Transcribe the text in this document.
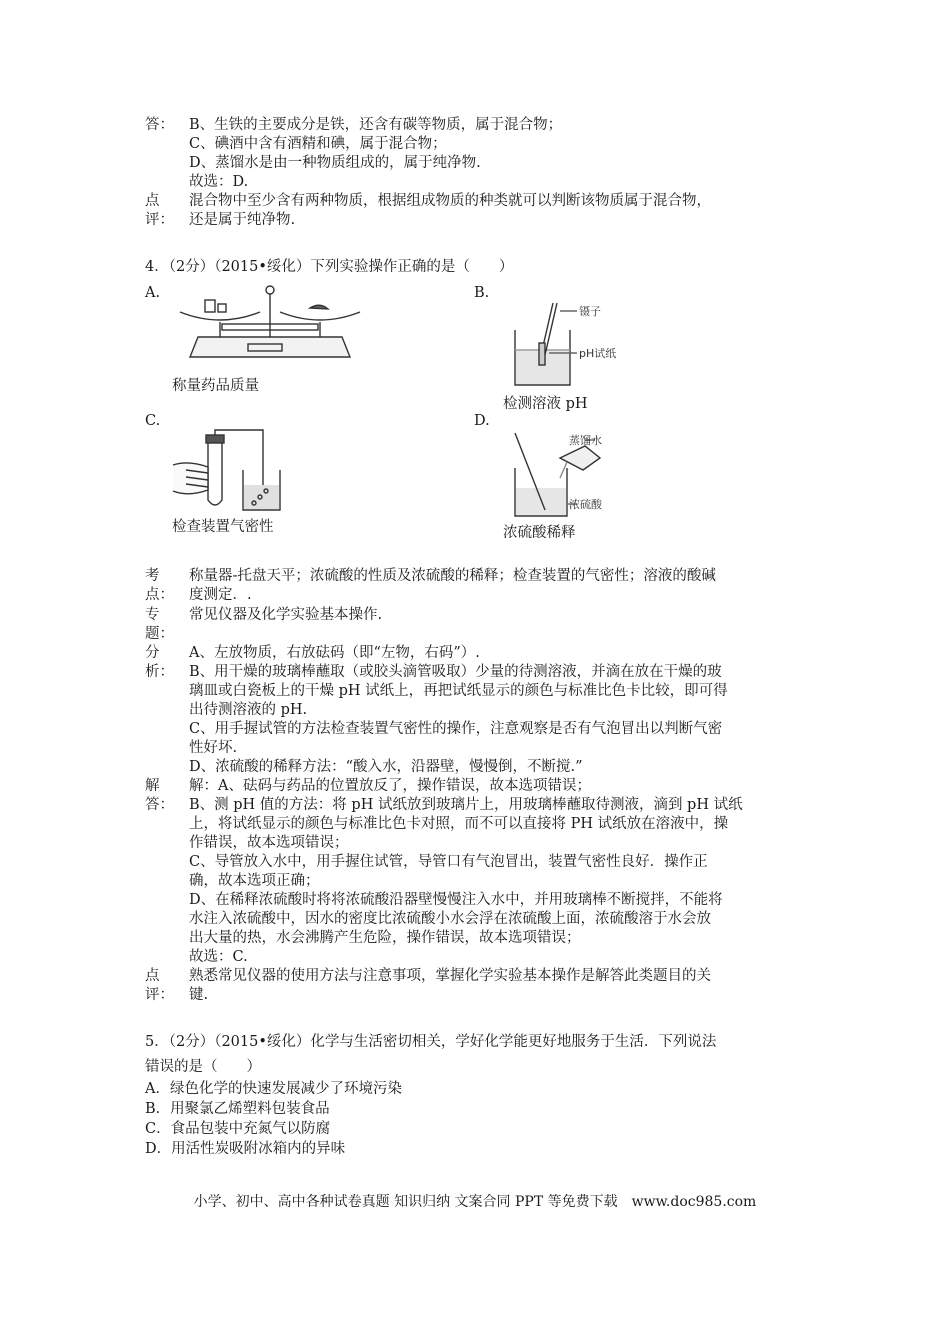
答：	B、生铁的主要成分是铁，还含有碳等物质，属于混合物；
C、碘酒中含有酒精和碘，属于混合物；
D、蒸馏水是由一种物质组成的，属于纯净物.
故选：D.
点
评：
混合物中至少含有两种物质，根据组成物质的种类就可以判断该物质属于混合物，
还是属于纯净物.
4．（2分）（2015•绥化）下列实验操作正确的是（　　）
A.
称量药品质量
B.
镊子
pH试纸
检测溶液 pH
C.
检查装置气密性
D.
蒸馏水
浓硫酸
浓硫酸稀释
考
点：
称量器-托盘天平；浓硫酸的性质及浓硫酸的稀释；检查装置的气密性；溶液的酸碱
度测定．.
专
题：
常见仪器及化学实验基本操作.
分
析：
A、左放物质，右放砝码（即“左物，右码”）.
B、用干燥的玻璃棒蘸取（或胶头滴管吸取）少量的待测溶液，并滴在放在干燥的玻
璃皿或白瓷板上的干燥 pH 试纸上，再把试纸显示的颜色与标准比色卡比较，即可得
出待测溶液的 pH.
C、用手握试管的方法检查装置气密性的操作，注意观察是否有气泡冒出以判断气密
性好坏.
D、浓硫酸的稀释方法：“酸入水，沿器壁，慢慢倒，不断搅.”
解
答：
解：A、砝码与药品的位置放反了，操作错误，故本选项错误；
B、测 pH 值的方法：将 pH 试纸放到玻璃片上，用玻璃棒蘸取待测液，滴到 pH 试纸
上，将试纸显示的颜色与标准比色卡对照，而不可以直接将 PH 试纸放在溶液中，操
作错误，故本选项错误；
C、导管放入水中，用手握住试管，导管口有气泡冒出，装置气密性良好．操作正
确，故本选项正确；
D、在稀释浓硫酸时将将浓硫酸沿器壁慢慢注入水中，并用玻璃棒不断搅拌，不能将
水注入浓硫酸中，因水的密度比浓硫酸小水会浮在浓硫酸上面，浓硫酸溶于水会放
出大量的热，水会沸腾产生危险，操作错误，故本选项错误；
故选：C.
点
评：
熟悉常见仪器的使用方法与注意事项，掌握化学实验基本操作是解答此类题目的关
键.
5．（2分）（2015•绥化）化学与生活密切相关，学好化学能更好地服务于生活．下列说法
错误的是（　　）
A．绿色化学的快速发展减少了环境污染
B．用聚氯乙烯塑料包装食品
C．食品包装中充氮气以防腐
D．用活性炭吸附冰箱内的异味
小学、初中、高中各种试卷真题 知识归纳 文案合同 PPT 等免费下载　www.doc985.com
